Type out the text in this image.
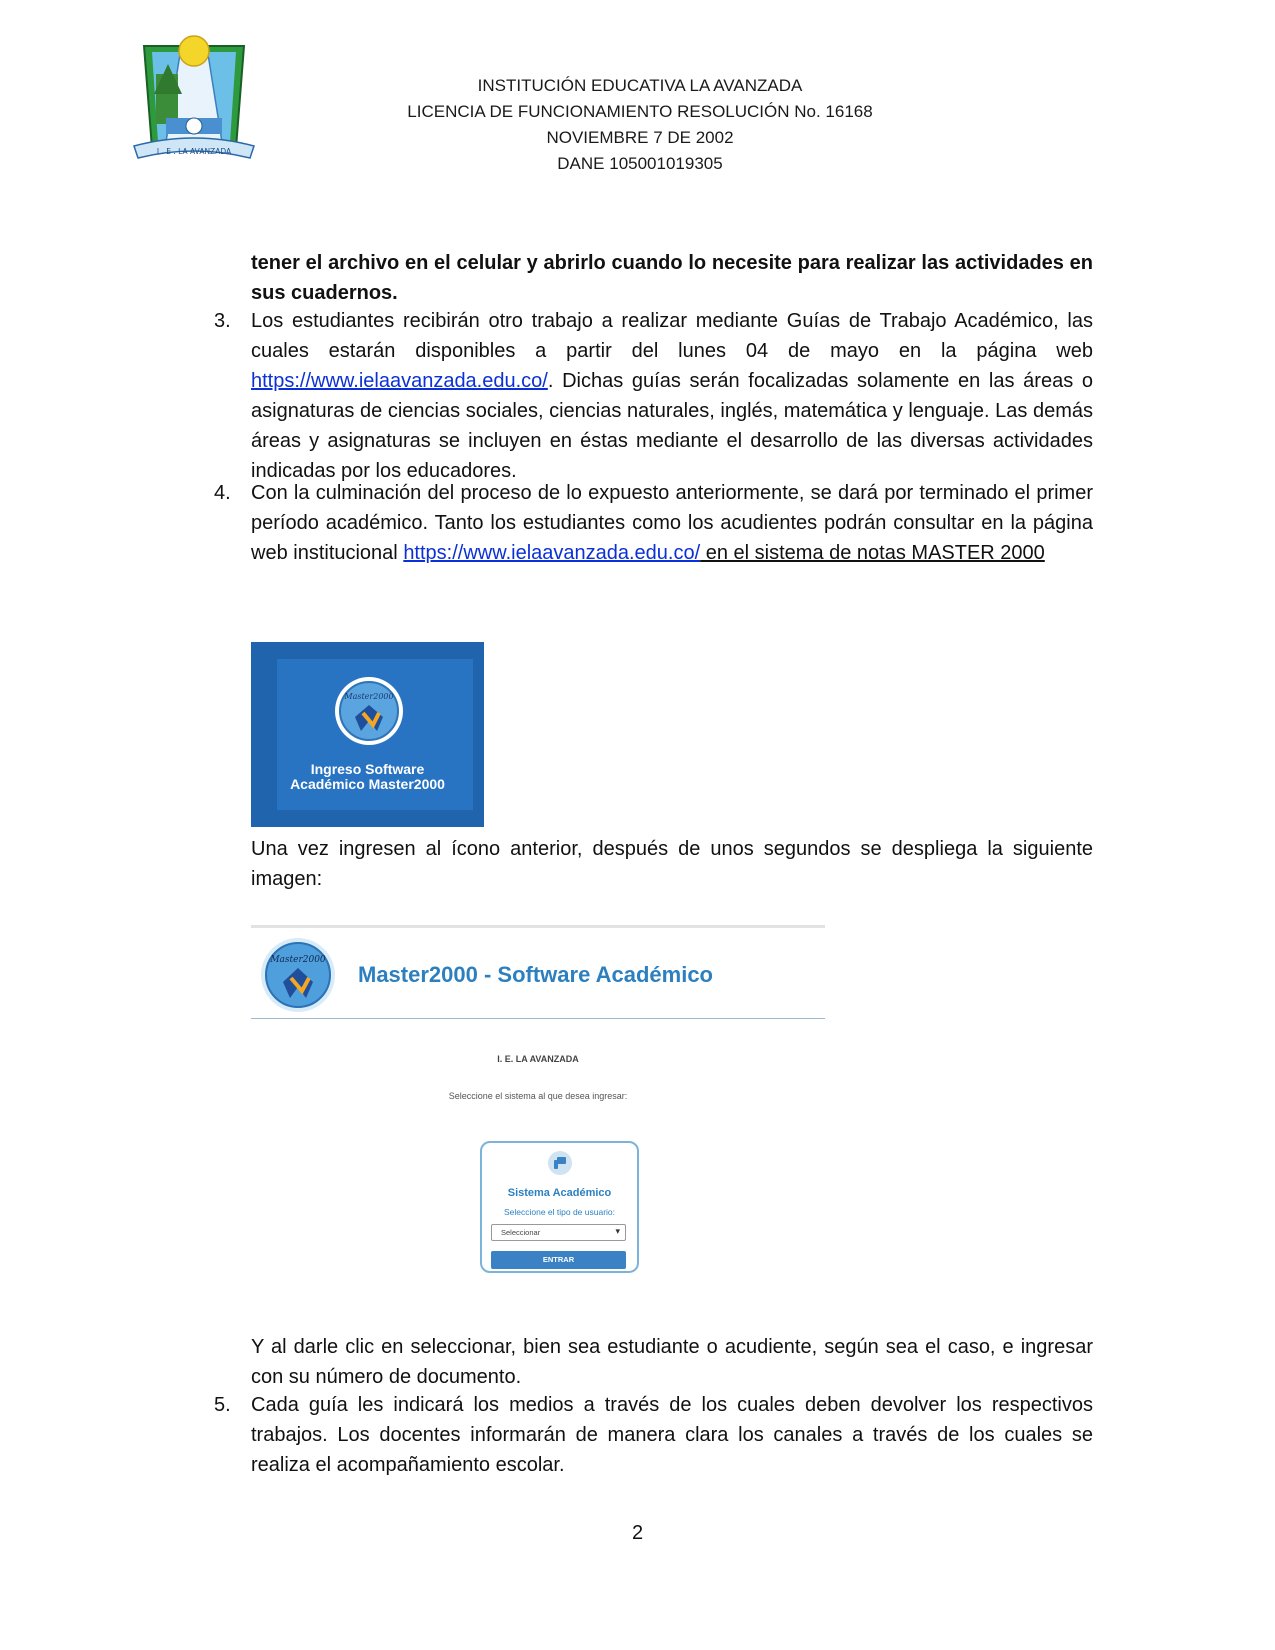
I . E . LA AVANZADA
INSTITUCIÓN EDUCATIVA LA AVANZADA
LICENCIA DE FUNCIONAMIENTO RESOLUCIÓN No. 16168
NOVIEMBRE 7 DE 2002
DANE 105001019305
tener el archivo en el celular y abrirlo cuando lo necesite para realizar las actividades en sus cuadernos.
3. Los estudiantes recibirán otro trabajo a realizar mediante Guías de Trabajo Académico, las cuales estarán disponibles a partir del lunes 04 de mayo en la página web https://www.ielaavanzada.edu.co/. Dichas guías serán focalizadas solamente en las áreas o asignaturas de ciencias sociales, ciencias naturales, inglés, matemática y lenguaje. Las demás áreas y asignaturas se incluyen en éstas mediante el desarrollo de las diversas actividades indicadas por los educadores.
4. Con la culminación del proceso de lo expuesto anteriormente, se dará por terminado el primer período académico. Tanto los estudiantes como los acudientes podrán consultar en la página web institucional https://www.ielaavanzada.edu.co/ en el sistema de notas MASTER 2000
Master2000
Ingreso Software
Académico Master2000
Una vez ingresen al ícono anterior, después de unos segundos se despliega la siguiente imagen:
Master2000
Master2000 - Software Académico
I. E. LA AVANZADA
Seleccione el sistema al que desea ingresar:
Sistema Académico
Seleccione el tipo de usuario:
Seleccionar	▾
ENTRAR
Y al darle clic en seleccionar, bien sea estudiante o acudiente, según sea el caso, e ingresar con su número de documento.
5. Cada guía les indicará los medios a través de los cuales deben devolver los respectivos trabajos. Los docentes informarán de manera clara los canales a través de los cuales se realiza el acompañamiento escolar.
2
